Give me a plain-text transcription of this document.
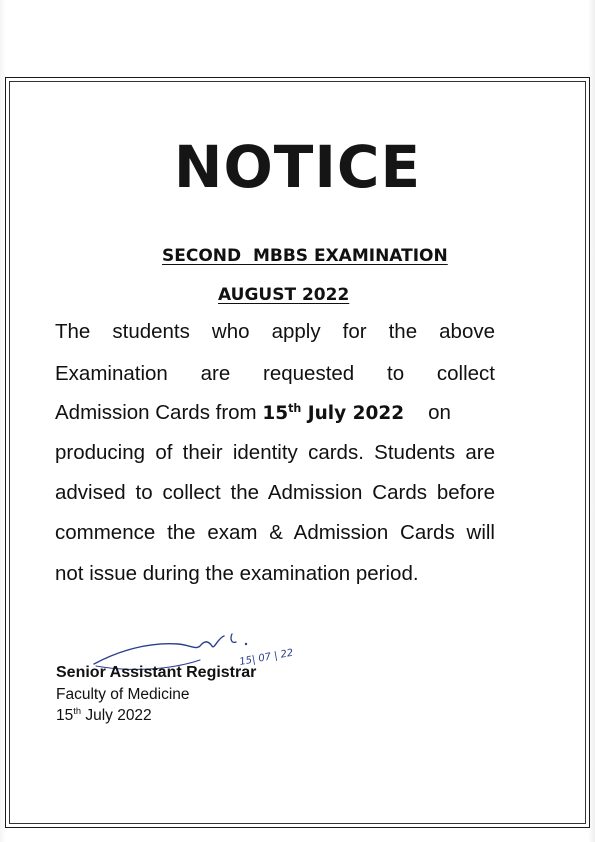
NOTICE
SECOND  MBBS EXAMINATION
AUGUST 2022
The students who apply for the above
Examination are requested to collect
Admission Cards from 15th July 2022 on
producing of their identity cards. Students are
advised to collect the Admission Cards before
commence the exam & Admission Cards will
not issue during the examination period.
15| 07 | 22
Senior Assistant Registrar
Faculty of Medicine
15th July 2022
